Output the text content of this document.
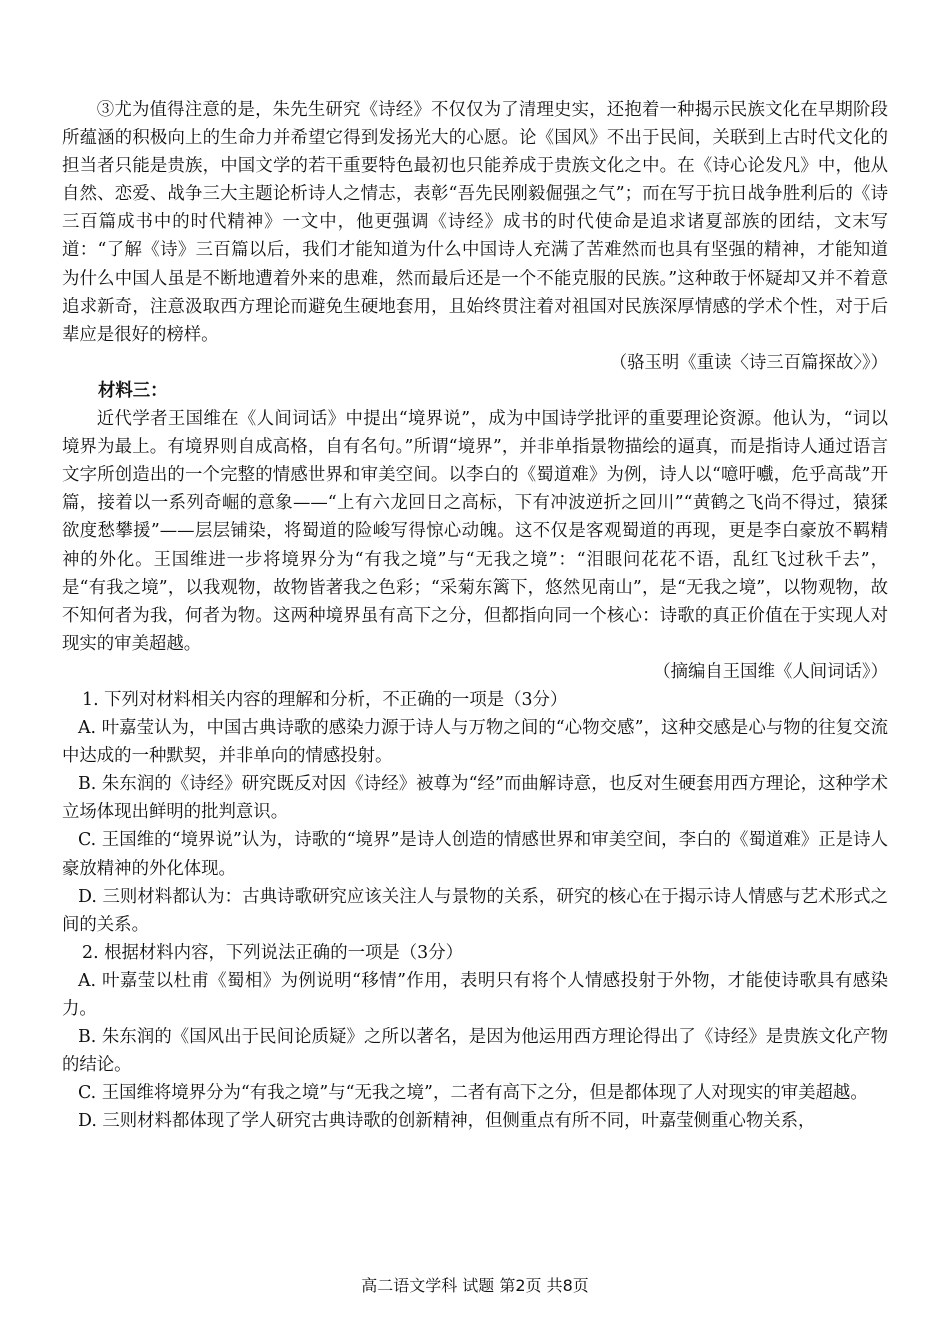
③尤为值得注意的是，朱先生研究《诗经》不仅仅为了清理史实，还抱着一种揭示民族文化在早期阶段所蕴涵的积极向上的生命力并希望它得到发扬光大的心愿。论《国风》不出于民间，关联到上古时代文化的担当者只能是贵族，中国文学的若干重要特色最初也只能养成于贵族文化之中。在《诗心论发凡》中，他从自然、恋爱、战争三大主题论析诗人之情志，表彰“吾先民刚毅倔强之气”；而在写于抗日战争胜利后的《诗三百篇成书中的时代精神》一文中，他更强调《诗经》成书的时代使命是追求诸夏部族的团结，文末写道：“了解《诗》三百篇以后，我们才能知道为什么中国诗人充满了苦难然而也具有坚强的精神，才能知道为什么中国人虽是不断地遭着外来的患难，然而最后还是一个不能克服的民族。”这种敢于怀疑却又并不着意追求新奇，注意汲取西方理论而避免生硬地套用，且始终贯注着对祖国对民族深厚情感的学术个性，对于后辈应是很好的榜样。

（骆玉明《重读〈诗三百篇探故〉》）

材料三：

近代学者王国维在《人间词话》中提出“境界说”，成为中国诗学批评的重要理论资源。他认为，“词以境界为最上。有境界则自成高格，自有名句。”所谓“境界”，并非单指景物描绘的逼真，而是指诗人通过语言文字所创造出的一个完整的情感世界和审美空间。以李白的《蜀道难》为例，诗人以“噫吁嚱，危乎高哉”开篇，接着以一系列奇崛的意象——“上有六龙回日之高标，下有冲波逆折之回川”“黄鹤之飞尚不得过，猿猱欲度愁攀援”——层层铺染，将蜀道的险峻写得惊心动魄。这不仅是客观蜀道的再现，更是李白豪放不羁精神的外化。王国维进一步将境界分为“有我之境”与“无我之境”：“泪眼问花花不语，乱红飞过秋千去”，是“有我之境”，以我观物，故物皆著我之色彩；“采菊东篱下，悠然见南山”，是“无我之境”，以物观物，故不知何者为我，何者为物。这两种境界虽有高下之分，但都指向同一个核心：诗歌的真正价值在于实现人对现实的审美超越。

（摘编自王国维《人间词话》）

1. 下列对材料相关内容的理解和分析，不正确的一项是（3分）

A. 叶嘉莹认为，中国古典诗歌的感染力源于诗人与万物之间的“心物交感”，这种交感是心与物的往复交流中达成的一种默契，并非单向的情感投射。

B. 朱东润的《诗经》研究既反对因《诗经》被尊为“经”而曲解诗意，也反对生硬套用西方理论，这种学术立场体现出鲜明的批判意识。

C. 王国维的“境界说”认为，诗歌的“境界”是诗人创造的情感世界和审美空间，李白的《蜀道难》正是诗人豪放精神的外化体现。

D. 三则材料都认为：古典诗歌研究应该关注人与景物的关系，研究的核心在于揭示诗人情感与艺术形式之间的关系。

2. 根据材料内容，下列说法正确的一项是（3分）

A. 叶嘉莹以杜甫《蜀相》为例说明“移情”作用，表明只有将个人情感投射于外物，才能使诗歌具有感染力。

B. 朱东润的《国风出于民间论质疑》之所以著名，是因为他运用西方理论得出了《诗经》是贵族文化产物的结论。

C. 王国维将境界分为“有我之境”与“无我之境”，二者有高下之分，但是都体现了人对现实的审美超越。

D. 三则材料都体现了学人研究古典诗歌的创新精神，但侧重点有所不同，叶嘉莹侧重心物关系，

高二语文学科 试题 第2页 共8页
